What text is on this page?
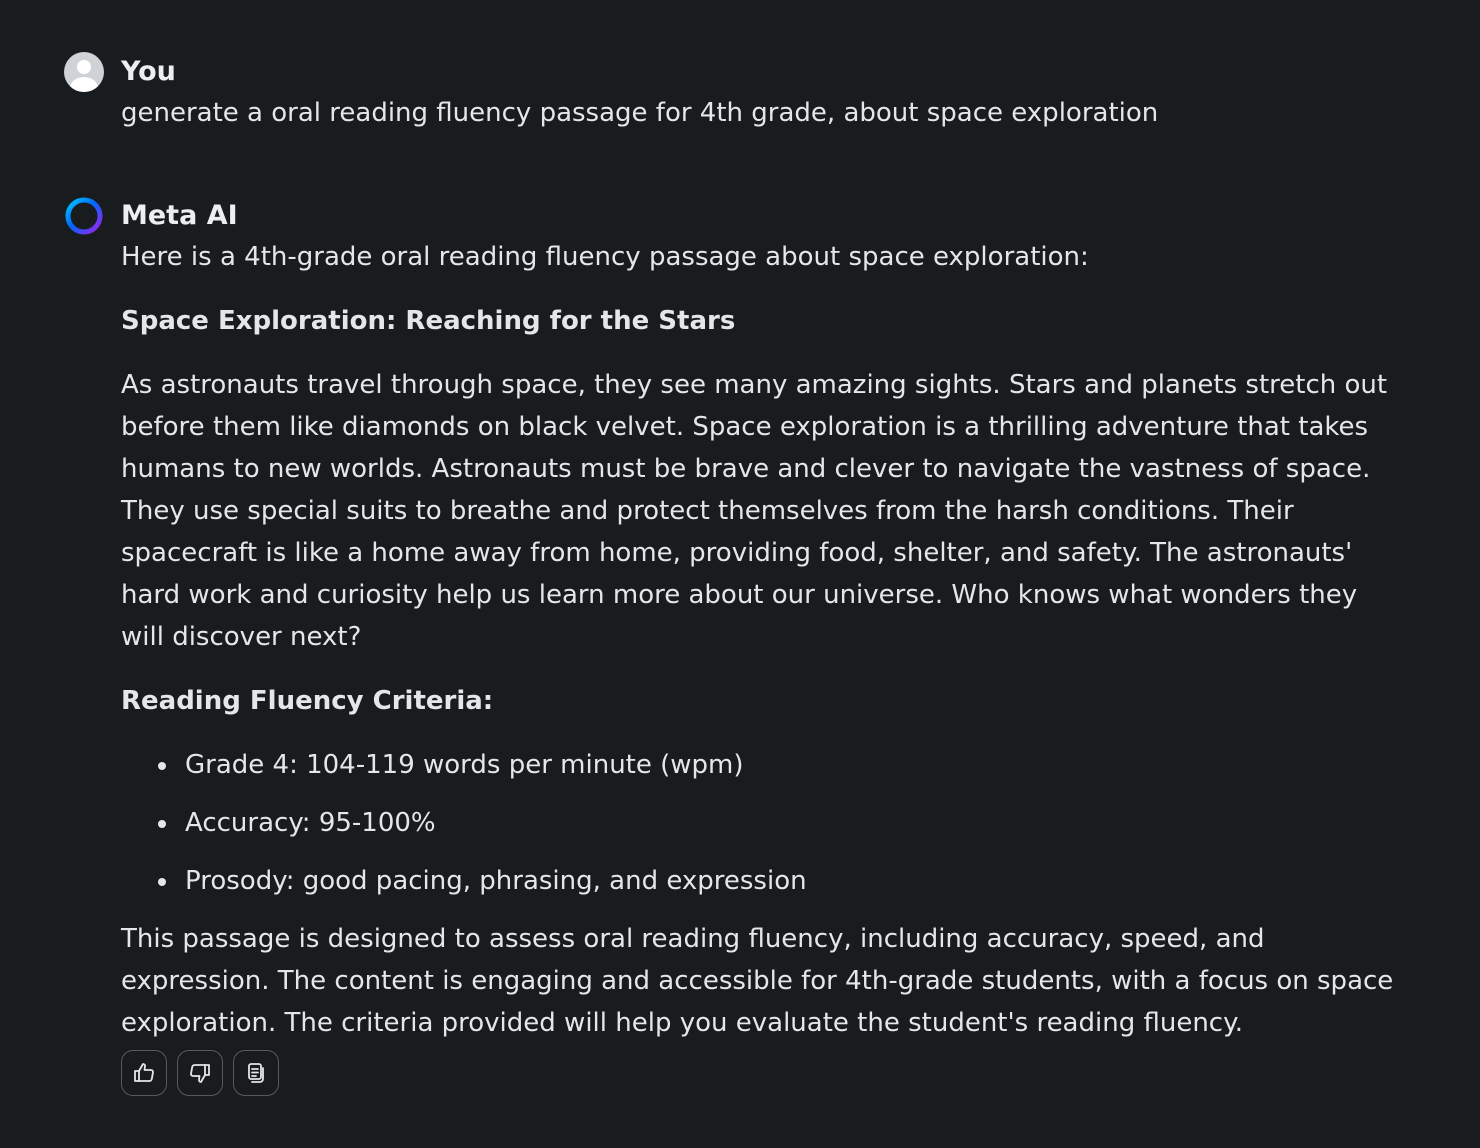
You

generate a oral reading fluency passage for 4th grade, about space exploration

Meta AI

Here is a 4th-grade oral reading fluency passage about space exploration:

Space Exploration: Reaching for the Stars

As astronauts travel through space, they see many amazing sights. Stars and planets stretch out before them like diamonds on black velvet. Space exploration is a thrilling adventure that takes humans to new worlds. Astronauts must be brave and clever to navigate the vastness of space. They use special suits to breathe and protect themselves from the harsh conditions. Their spacecraft is like a home away from home, providing food, shelter, and safety. The astronauts' hard work and curiosity help us learn more about our universe. Who knows what wonders they will discover next?

Reading Fluency Criteria:

Grade 4: 104-119 words per minute (wpm)
Accuracy: 95-100%
Prosody: good pacing, phrasing, and expression

This passage is designed to assess oral reading fluency, including accuracy, speed, and expression. The content is engaging and accessible for 4th-grade students, with a focus on space exploration. The criteria provided will help you evaluate the student's reading fluency.
